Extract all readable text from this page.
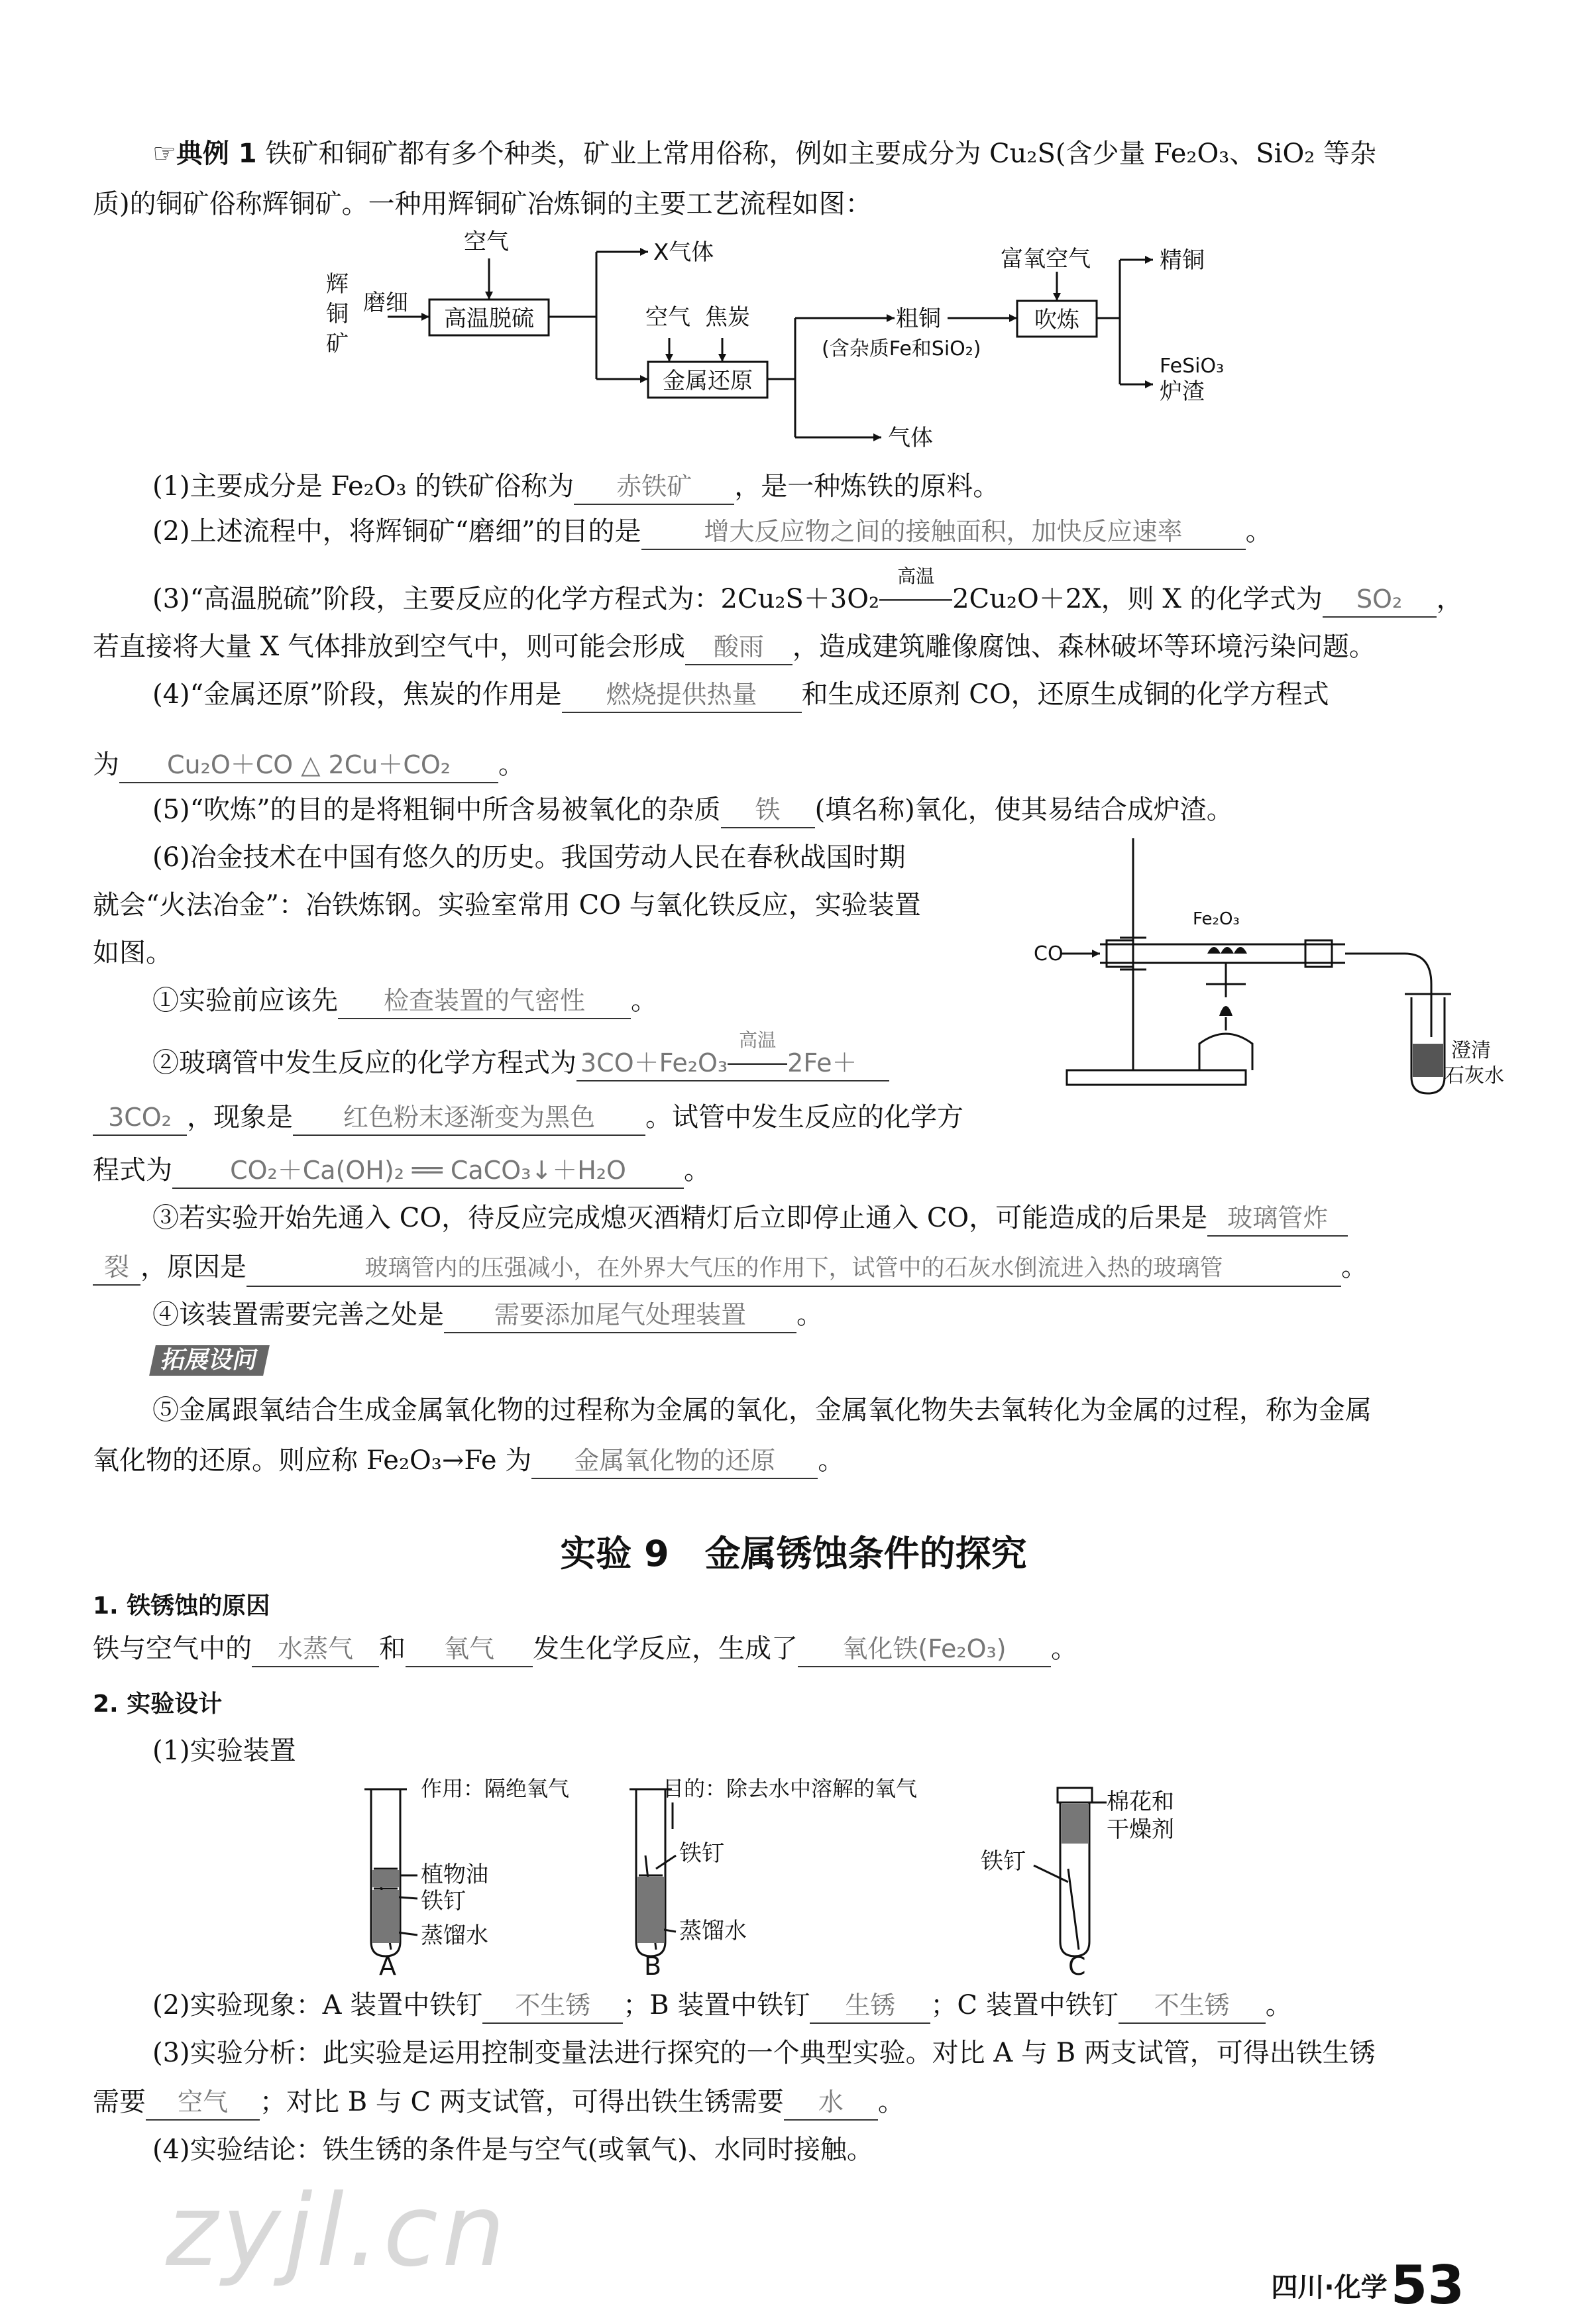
☞典例 1 铁矿和铜矿都有多个种类，矿业上常用俗称，例如主要成分为 Cu₂S(含少量 Fe₂O₃、SiO₂ 等杂
质)的铜矿俗称辉铜矿。一种用辉铜矿冶炼铜的主要工艺流程如图：
辉
铜
矿
磨细
空气
高温脱硫
X气体
空气 焦炭
金属还原
粗铜
(含杂质Fe和SiO₂)
富氧空气
吹炼
精铜
FeSiO₃
炉渣
气体
(1)主要成分是 Fe₂O₃ 的铁矿俗称为 赤铁矿 ，是一种炼铁的原料。
(2)上述流程中，将辉铜矿“磨细”的目的是 增大反应物之间的接触面积，加快反应速率 。
(3)“高温脱硫”阶段，主要反应的化学方程式为：2Cu₂S＋3O₂
高温
2Cu₂O＋2X，则 X 的化学式为 SO₂ ，
若直接将大量 X 气体排放到空气中，则可能会形成 酸雨 ，造成建筑雕像腐蚀、森林破坏等环境污染问题。
(4)“金属还原”阶段，焦炭的作用是 燃烧提供热量 和生成还原剂 CO，还原生成铜的化学方程式
为 Cu₂O＋CO △ 2Cu＋CO₂ 。
(5)“吹炼”的目的是将粗铜中所含易被氧化的杂质 铁 (填名称)氧化，使其易结合成炉渣。
(6)冶金技术在中国有悠久的历史。我国劳动人民在春秋战国时期
就会“火法冶金”：冶铁炼钢。实验室常用 CO 与氧化铁反应，实验装置
如图。
①实验前应该先 检查装置的气密性 。
②玻璃管中发生反应的化学方程式为 3CO＋Fe₂O₃
高温
2Fe＋
3CO₂ ，现象是 红色粉末逐渐变为黑色 。试管中发生反应的化学方
程式为 CO₂＋Ca(OH)₂ ══ CaCO₃↓＋H₂O 。
CO
Fe₂O₃
澄清
石灰水
③若实验开始先通入 CO，待反应完成熄灭酒精灯后立即停止通入 CO，可能造成的后果是 玻璃管炸
裂 ，原因是	玻璃管内的压强减小，在外界大气压的作用下，试管中的石灰水倒流进入热的玻璃管	。
④该装置需要完善之处是 需要添加尾气处理装置 。
拓展设问
⑤金属跟氧结合生成金属氧化物的过程称为金属的氧化，金属氧化物失去氧转化为金属的过程，称为金属
氧化物的还原。则应称 Fe₂O₃→Fe 为 金属氧化物的还原 。
实验 9　金属锈蚀条件的探究
1. 铁锈蚀的原因
铁与空气中的 水蒸气 和 氧气 发生化学反应，生成了 氧化铁(Fe₂O₃) 。
2. 实验设计
(1)实验装置
作用：隔绝氧气
植物油
铁钉
蒸馏水
A
目的：除去水中溶解的氧气
铁钉
蒸馏水
B
棉花和
干燥剂
铁钉
C
(2)实验现象：A 装置中铁钉 不生锈 ；B 装置中铁钉 生锈 ；C 装置中铁钉 不生锈 。
(3)实验分析：此实验是运用控制变量法进行探究的一个典型实验。对比 A 与 B 两支试管，可得出铁生锈
需要 空气 ；对比 B 与 C 两支试管，可得出铁生锈需要 水 。
(4)实验结论：铁生锈的条件是与空气(或氧气)、水同时接触。
zyjl.cn	四川·化学 53
